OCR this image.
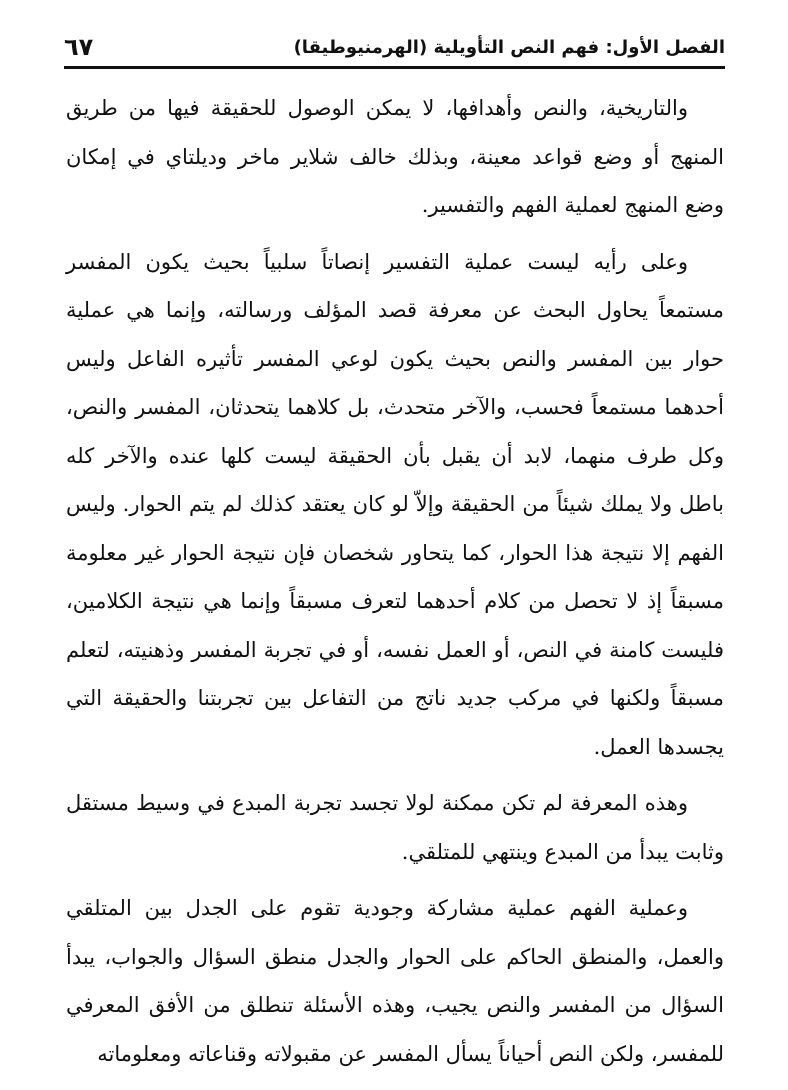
الفصل الأول: فهم النص التأويلية (الهرمنيوطيقا)
٦٧

والتاريخية، والنص وأهدافها، لا يمكن الوصول للحقيقة فيها من طريق المنهج أو وضع قواعد معينة، وبذلك خالف شلاير ماخر وديلتاي في إمكان وضع المنهج لعملية الفهم والتفسير.

وعلى رأيه ليست عملية التفسير إنصاتاً سلبياً بحيث يكون المفسر مستمعاً يحاول البحث عن معرفة قصد المؤلف ورسالته، وإنما هي عملية حوار بين المفسر والنص بحيث يكون لوعي المفسر تأثيره الفاعل وليس أحدهما مستمعاً فحسب، والآخر متحدث، بل كلاهما يتحدثان، المفسر والنص، وكل طرف منهما، لابد أن يقبل بأن الحقيقة ليست كلها عنده والآخر كله باطل ولا يملك شيئاً من الحقيقة وإلاّ لو كان يعتقد كذلك لم يتم الحوار. وليس الفهم إلا نتيجة هذا الحوار، كما يتحاور شخصان فإن نتيجة الحوار غير معلومة مسبقاً إذ لا تحصل من كلام أحدهما لتعرف مسبقاً وإنما هي نتيجة الكلامين، فليست كامنة في النص، أو العمل نفسه، أو في تجربة المفسر وذهنيته، لتعلم مسبقاً ولكنها في مركب جديد ناتج من التفاعل بين تجربتنا والحقيقة التي يجسدها العمل.

وهذه المعرفة لم تكن ممكنة لولا تجسد تجربة المبدع في وسيط مستقل وثابت يبدأ من المبدع وينتهي للمتلقي.

وعملية الفهم عملية مشاركة وجودية تقوم على الجدل بين المتلقي والعمل، والمنطق الحاكم على الحوار والجدل منطق السؤال والجواب، يبدأ السؤال من المفسر والنص يجيب، وهذه الأسئلة تنطلق من الأفق المعرفي للمفسر، ولكن النص أحياناً يسأل المفسر عن مقبولاته وقناعاته ومعلوماته
